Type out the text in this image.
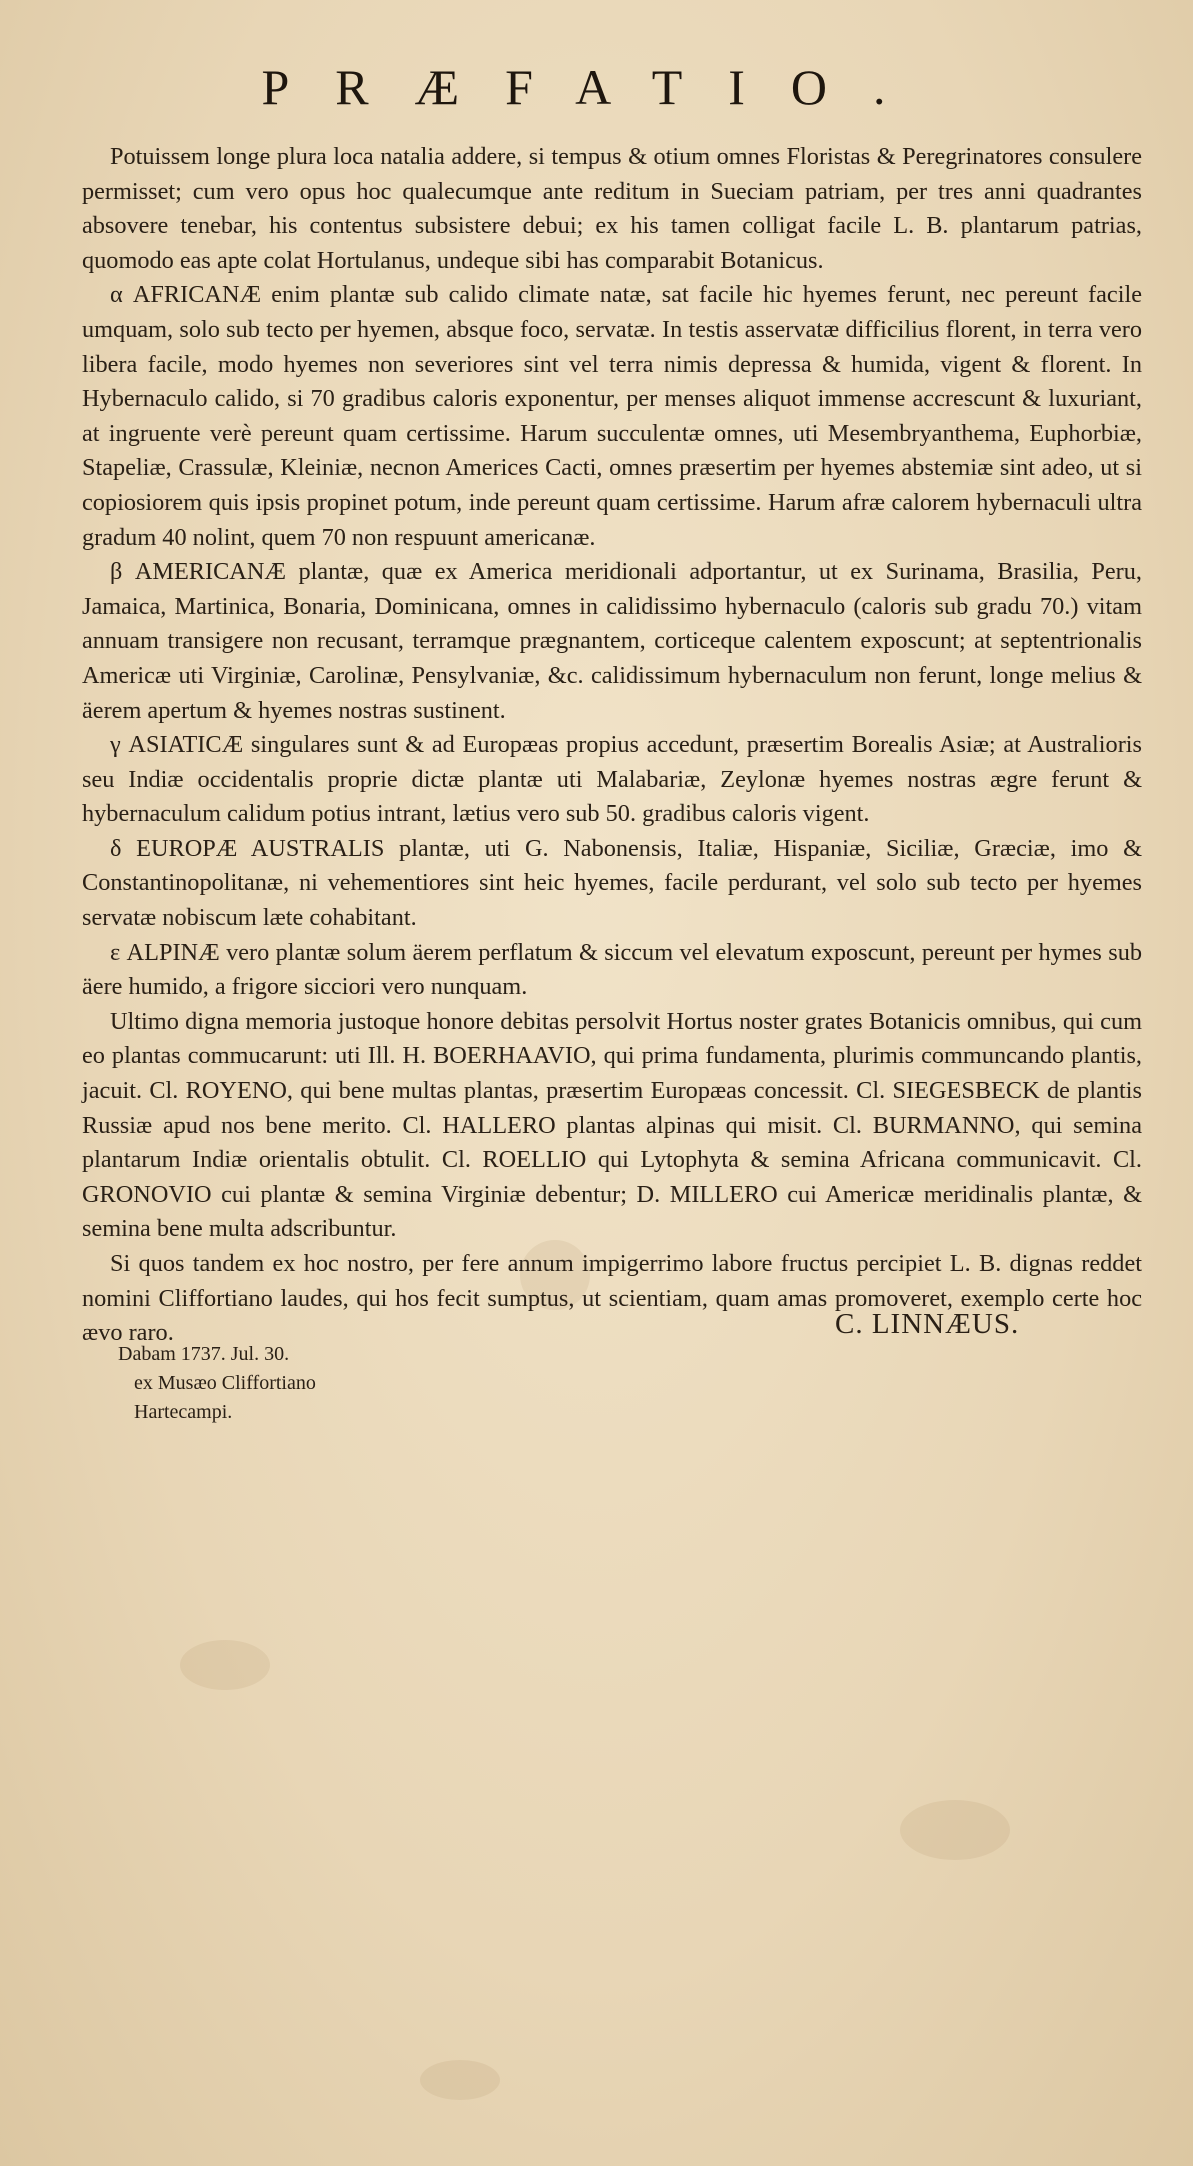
PRÆFATIO.

Potuissem longe plura loca natalia addere, si tempus & otium omnes Floristas & Peregrinatores consulere permisset; cum vero opus hoc qualecumque ante reditum in Sueciam patriam, per tres anni quadrantes absovere tenebar, his contentus subsistere debui; ex his tamen colligat facile L. B. plantarum patrias, quomodo eas apte colat Hortulanus, undeque sibi has comparabit Botanicus.

α AFRICANÆ enim plantæ sub calido climate natæ, sat facile hic hyemes ferunt, nec pereunt facile umquam, solo sub tecto per hyemen, absque foco, servatæ. In testis asservatæ difficilius florent, in terra vero libera facile, modo hyemes non severiores sint vel terra nimis depressa & humida, vigent & florent. In Hybernaculo calido, si 70 gradibus caloris exponentur, per menses aliquot immense accrescunt & luxuriant, at ingruente verè pereunt quam certissime. Harum succulentæ omnes, uti Mesembryanthema, Euphorbiæ, Stapeliæ, Crassulæ, Kleiniæ, necnon Americes Cacti, omnes præsertim per hyemes abstemiæ sint adeo, ut si copiosiorem quis ipsis propinet potum, inde pereunt quam certissime. Harum afræ calorem hybernaculi ultra gradum 40 nolint, quem 70 non respuunt americanæ.

β AMERICANÆ plantæ, quæ ex America meridionali adportantur, ut ex Surinama, Brasilia, Peru, Jamaica, Martinica, Bonaria, Dominicana, omnes in calidissimo hybernaculo (caloris sub gradu 70.) vitam annuam transigere non recusant, terramque prægnantem, corticeque calentem exposcunt; at septentrionalis Americæ uti Virginiæ, Carolinæ, Pensylvaniæ, &c. calidissimum hybernaculum non ferunt, longe melius & äerem apertum & hyemes nostras sustinent.

γ ASIATICÆ singulares sunt & ad Europæas propius accedunt, præsertim Borealis Asiæ; at Australioris seu Indiæ occidentalis proprie dictæ plantæ uti Malabariæ, Zeylonæ hyemes nostras ægre ferunt & hybernaculum calidum potius intrant, lætius vero sub 50. gradibus caloris vigent.

δ EUROPÆ AUSTRALIS plantæ, uti G. Nabonensis, Italiæ, Hispaniæ, Siciliæ, Græciæ, imo & Constantinopolitanæ, ni vehementiores sint heic hyemes, facile perdurant, vel solo sub tecto per hyemes servatæ nobiscum læte cohabitant.

ε ALPINÆ vero plantæ solum äerem perflatum & siccum vel elevatum exposcunt, pereunt per hymes sub äere humido, a frigore sicciori vero nunquam.

Ultimo digna memoria justoque honore debitas persolvit Hortus noster grates Botanicis omnibus, qui cum eo plantas commucarunt: uti Ill. H. BOERHAAVIO, qui prima fundamenta, plurimis communcando plantis, jacuit. Cl. ROYENO, qui bene multas plantas, præsertim Europæas concessit. Cl. SIEGESBECK de plantis Russiæ apud nos bene merito. Cl. HALLERO plantas alpinas qui misit. Cl. BURMANNO, qui semina plantarum Indiæ orientalis obtulit. Cl. ROELLIO qui Lytophyta & semina Africana communicavit. Cl. GRONOVIO cui plantæ & semina Virginiæ debentur; D. MILLERO cui Americæ meridinalis plantæ, & semina bene multa adscribuntur.

Si quos tandem ex hoc nostro, per fere annum impigerrimo labore fructus percipiet L. B. dignas reddet nomini Cliffortiano laudes, qui hos fecit sumptus, ut scientiam, quam amas promoveret, exemplo certe hoc ævo raro.	C. LINNÆUS.
Dabam 1737. Jul. 30.
ex Musæo Cliffortiano
Hartecampi.
